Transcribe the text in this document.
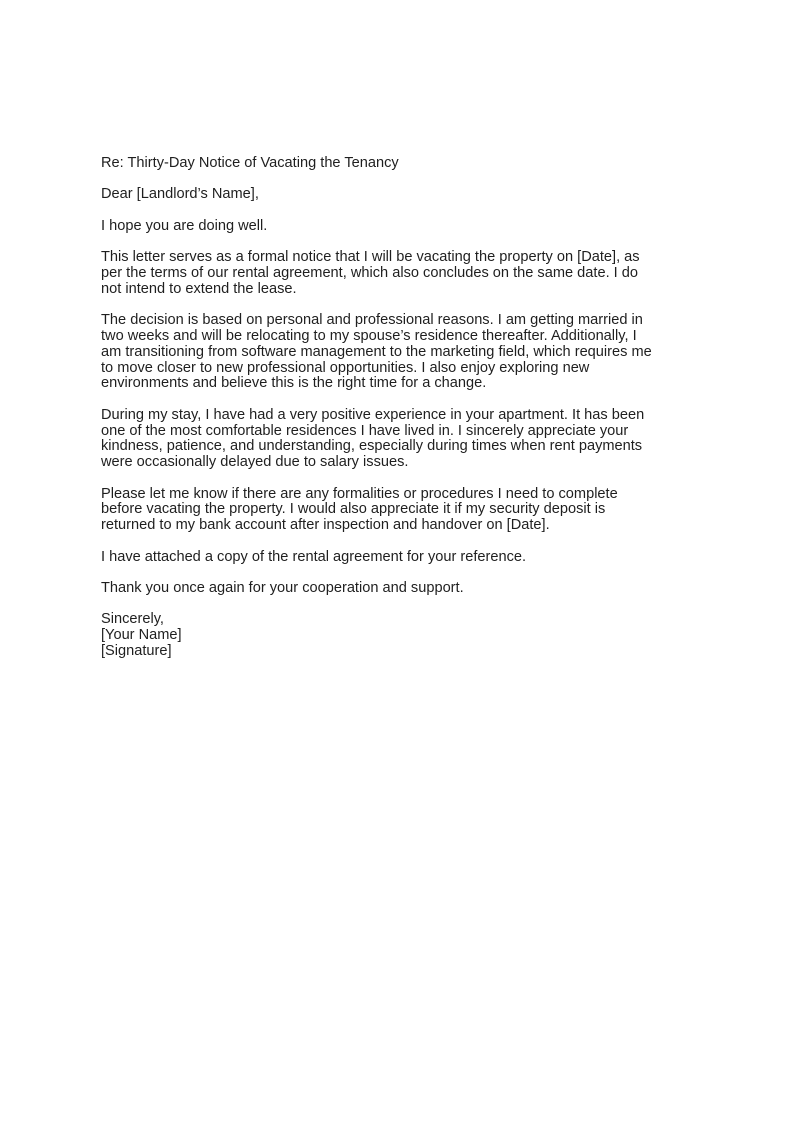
Re: Thirty-Day Notice of Vacating the Tenancy

Dear [Landlord’s Name],

I hope you are doing well.

This letter serves as a formal notice that I will be vacating the property on [Date], as
per the terms of our rental agreement, which also concludes on the same date. I do
not intend to extend the lease.

The decision is based on personal and professional reasons. I am getting married in
two weeks and will be relocating to my spouse’s residence thereafter. Additionally, I
am transitioning from software management to the marketing field, which requires me
to move closer to new professional opportunities. I also enjoy exploring new
environments and believe this is the right time for a change.

During my stay, I have had a very positive experience in your apartment. It has been
one of the most comfortable residences I have lived in. I sincerely appreciate your
kindness, patience, and understanding, especially during times when rent payments
were occasionally delayed due to salary issues.

Please let me know if there are any formalities or procedures I need to complete
before vacating the property. I would also appreciate it if my security deposit is
returned to my bank account after inspection and handover on [Date].

I have attached a copy of the rental agreement for your reference.

Thank you once again for your cooperation and support.

Sincerely,
[Your Name]
[Signature]
